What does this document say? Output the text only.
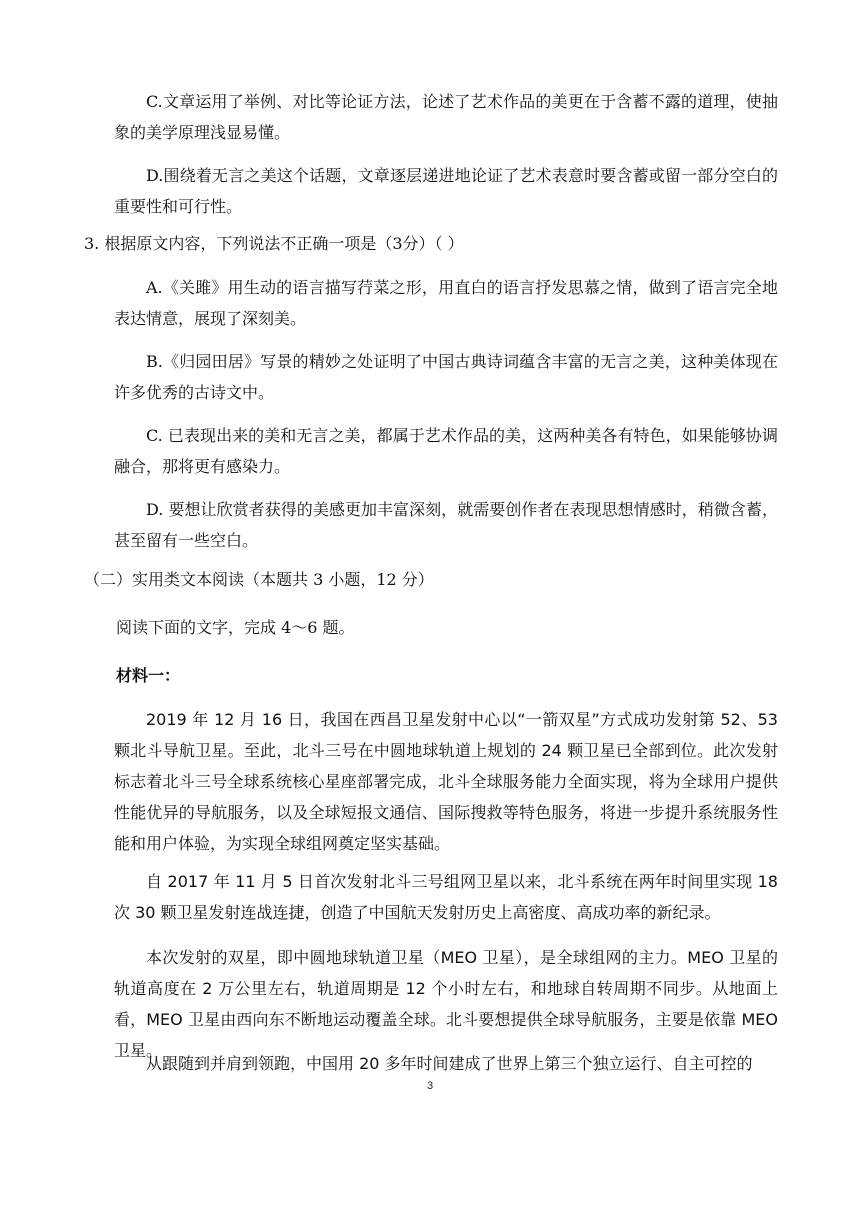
C.文章运用了举例、对比等论证方法，论述了艺术作品的美更在于含蓄不露的道理，使抽象的美学原理浅显易懂。

D.围绕着无言之美这个话题，文章逐层递进地论证了艺术表意时要含蓄或留一部分空白的重要性和可行性。

3. 根据原文内容，下列说法不正确一项是（3分）（ ）

A.《关雎》用生动的语言描写荇菜之形，用直白的语言抒发思慕之情，做到了语言完全地表达情意，展现了深刻美。

B.《归园田居》写景的精妙之处证明了中国古典诗词蕴含丰富的无言之美，这种美体现在许多优秀的古诗文中。

C. 已表现出来的美和无言之美，都属于艺术作品的美，这两种美各有特色，如果能够协调融合，那将更有感染力。

D. 要想让欣赏者获得的美感更加丰富深刻，就需要创作者在表现思想情感时，稍微含蓄，甚至留有一些空白。

（二）实用类文本阅读（本题共 3 小题，12 分）
阅读下面的文字，完成 4～6 题。
材料一：

2019 年 12 月 16 日，我国在西昌卫星发射中心以“一箭双星”方式成功发射第 52、53 颗北斗导航卫星。至此，北斗三号在中圆地球轨道上规划的 24 颗卫星已全部到位。此次发射标志着北斗三号全球系统核心星座部署完成，北斗全球服务能力全面实现，将为全球用户提供性能优异的导航服务，以及全球短报文通信、国际搜救等特色服务，将进一步提升系统服务性能和用户体验，为实现全球组网奠定坚实基础。

自 2017 年 11 月 5 日首次发射北斗三号组网卫星以来，北斗系统在两年时间里实现 18 次 30 颗卫星发射连战连捷，创造了中国航天发射历史上高密度、高成功率的新纪录。

本次发射的双星，即中圆地球轨道卫星（MEO 卫星），是全球组网的主力。MEO 卫星的轨道高度在 2 万公里左右，轨道周期是 12 个小时左右，和地球自转周期不同步。从地面上看，MEO 卫星由西向东不断地运动覆盖全球。北斗要想提供全球导航服务，主要是依靠 MEO 卫星。

从跟随到并肩到领跑，中国用 20 多年时间建成了世界上第三个独立运行、自主可控的

3
